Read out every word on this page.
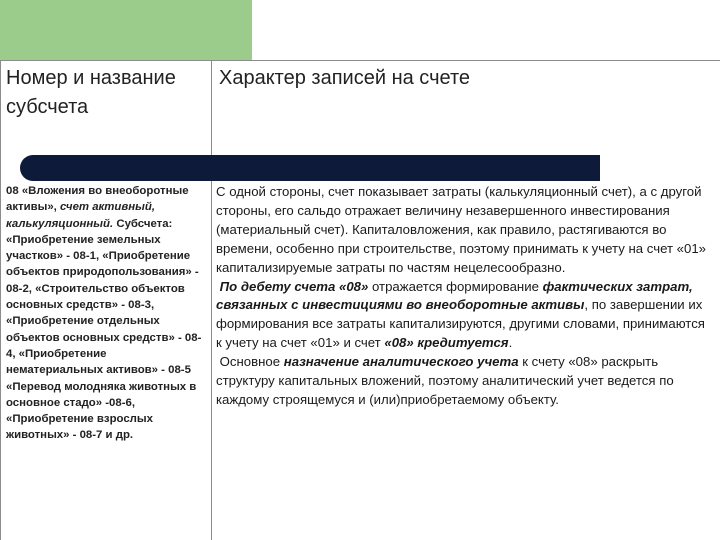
Номер и название субсчета
Характер записей на счете
08 «Вложения во внеоборотные активы», счет активный, калькуляционный. Субсчета: «Приобретение земельных участков» - 08-1, «Приобретение объектов природопользования» - 08-2, «Строительство объектов основных средств» - 08-3, «Приобретение отдельных объектов основных средств» - 08-4, «Приобретение нематериальных активов» - 08-5 «Перевод молодняка животных в основное стадо» -08-6, «Приобретение взрослых животных» - 08-7 и др.

С одной стороны, счет показывает затраты (калькуляционный счет), а с другой стороны, его сальдо отражает величину незавершенного инвестирования (материальный счет). Капиталовложения, как правило, растягиваются во времени, особенно при строительстве, поэтому принимать к учету на счет «01» капитализируемые затраты по частям нецелесообразно.

По дебету счета «08» отражается формирование фактических затрат, связанных с инвестициями во внеоборотные активы, по завершении их формирования все затраты капитализируются, другими словами, принимаются к учету на счет «01» и счет «08» кредитуется.

Основное назначение аналитического учета к счету «08» раскрыть структуру капитальных вложений, поэтому аналитический учет ведется по каждому строящемуся и (или)приобретаемому объекту.

18
